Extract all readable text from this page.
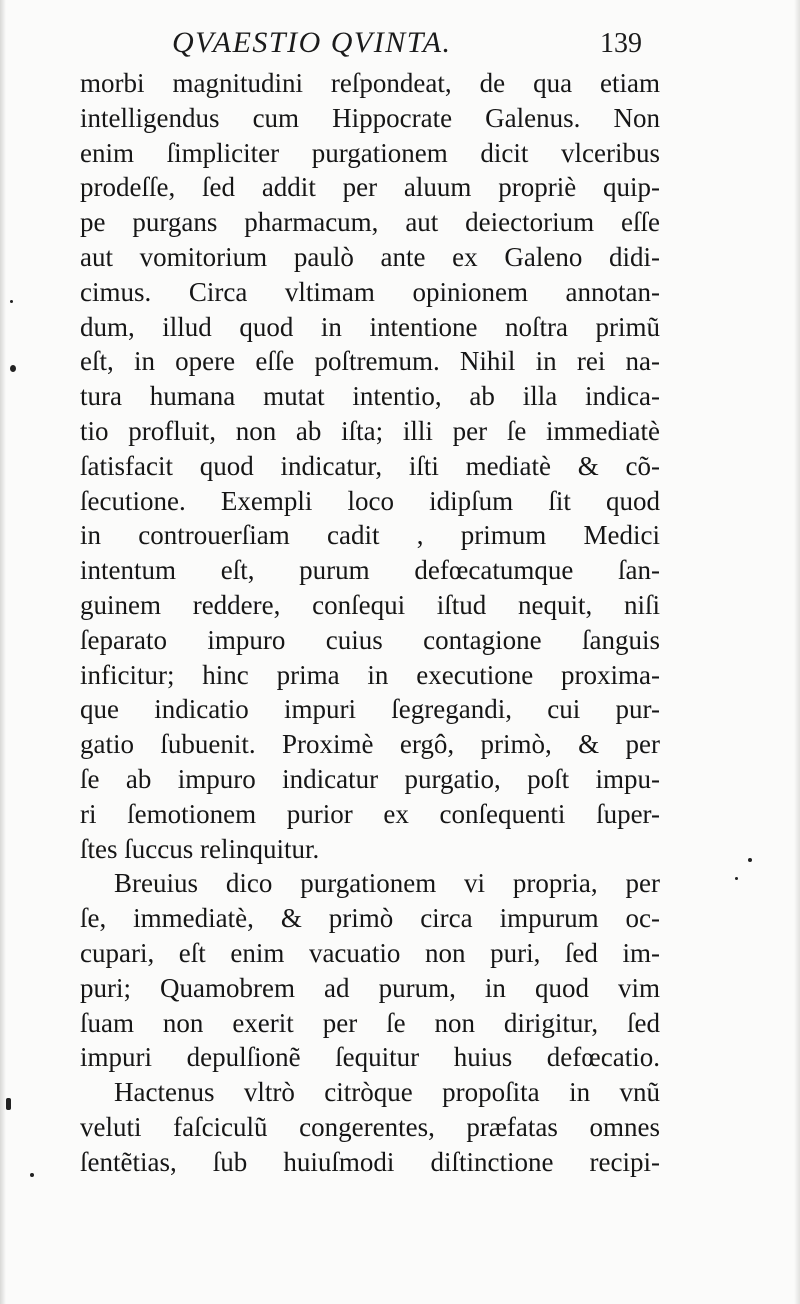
QVAESTIO QVINTA.	139
morbi magnitudini reſpondeat, de qua etiam
intelligendus cum Hippocrate Galenus. Non
enim ſimpliciter purgationem dicit vlceribus
prodeſſe, ſed addit per aluum propriè quip-
pe purgans pharmacum, aut deiectorium eſſe
aut vomitorium paulò ante ex Galeno didi-
cimus. Circa vltimam opinionem annotan-
dum, illud quod in intentione noſtra primũ
eſt, in opere eſſe poſtremum. Nihil in rei na-
tura humana mutat intentio, ab illa indica-
tio profluit, non ab iſta; illi per ſe immediatè
ſatisfacit quod indicatur, iſti mediatè & cõ-
ſecutione. Exempli loco idipſum ſit quod
in controuerſiam cadit , primum Medici
intentum eſt, purum defœcatumque ſan-
guinem reddere, conſequi iſtud nequit, niſi
ſeparato impuro cuius contagione ſanguis
inficitur; hinc prima in executione proxima-
que indicatio impuri ſegregandi, cui pur-
gatio ſubuenit. Proximè ergô, primò, & per
ſe ab impuro indicatur purgatio, poſt impu-
ri ſemotionem purior ex conſequenti ſuper-
ſtes ſuccus relinquitur.
Breuius dico purgationem vi propria, per
ſe, immediatè, & primò circa impurum oc-
cupari, eſt enim vacuatio non puri, ſed im-
puri; Quamobrem ad purum, in quod vim
ſuam non exerit per ſe non dirigitur, ſed
impuri depulſionẽ ſequitur huius defœcatio.
Hactenus vltrò citròque propoſita in vnũ
veluti faſciculũ congerentes, præfatas omnes
ſentẽtias, ſub huiuſmodi diſtinctione recipi-
